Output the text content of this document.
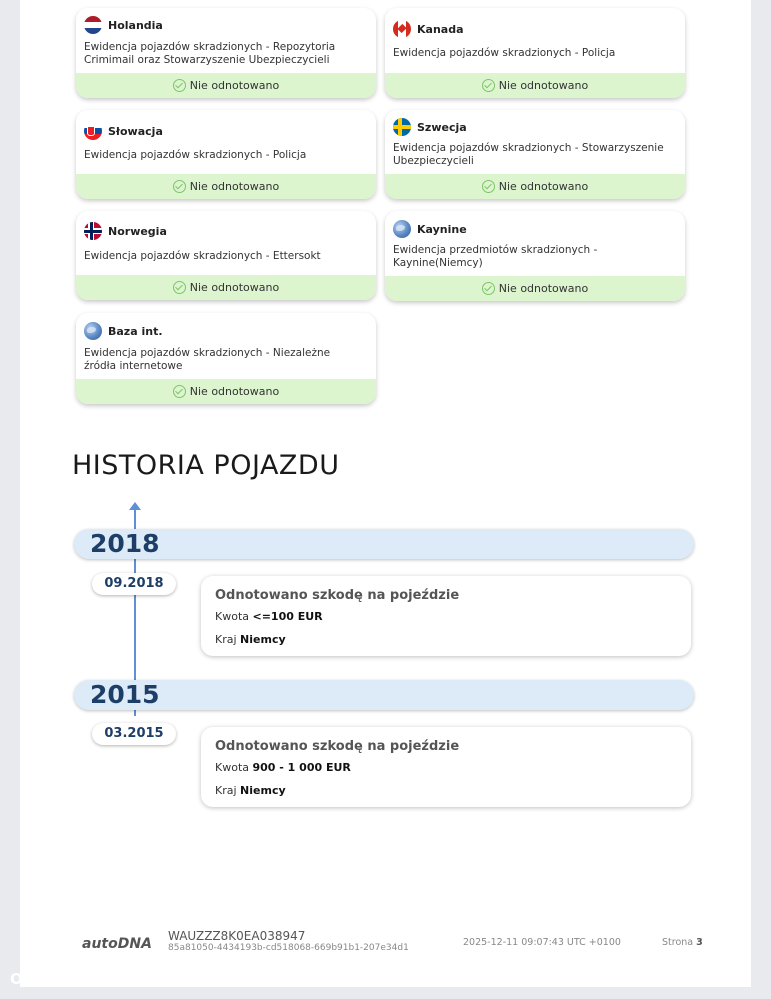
Holandia
Ewidencja pojazdów skradzionych - Repozytoria Crimimail oraz Stowarzyszenie Ubezpieczycieli
Nie odnotowano
Kanada
Ewidencja pojazdów skradzionych - Policja
Nie odnotowano
Słowacja
Ewidencja pojazdów skradzionych - Policja
Nie odnotowano
Szwecja
Ewidencja pojazdów skradzionych - Stowarzyszenie Ubezpieczycieli
Nie odnotowano
Norwegia
Ewidencja pojazdów skradzionych - Ettersokt
Nie odnotowano
Kaynine
Ewidencja przedmiotów skradzionych - Kaynine(Niemcy)
Nie odnotowano
Baza int.
Ewidencja pojazdów skradzionych - Niezależne źródła internetowe
Nie odnotowano
HISTORIA POJAZDU
2018
09.2018
Odnotowano szkodę na pojeździe
Kwota <=100 EUR
Kraj Niemcy
2015
03.2015
Odnotowano szkodę na pojeździe
Kwota 900 - 1 000 EUR
Kraj Niemcy
autoDNA WAUZZZ8K0EA038947
85a81050-4434193b-cd518068-669b91b1-207e34d1	2025-12-11 09:07:43 UTC +0100	Strona 3
OTOMOTO
